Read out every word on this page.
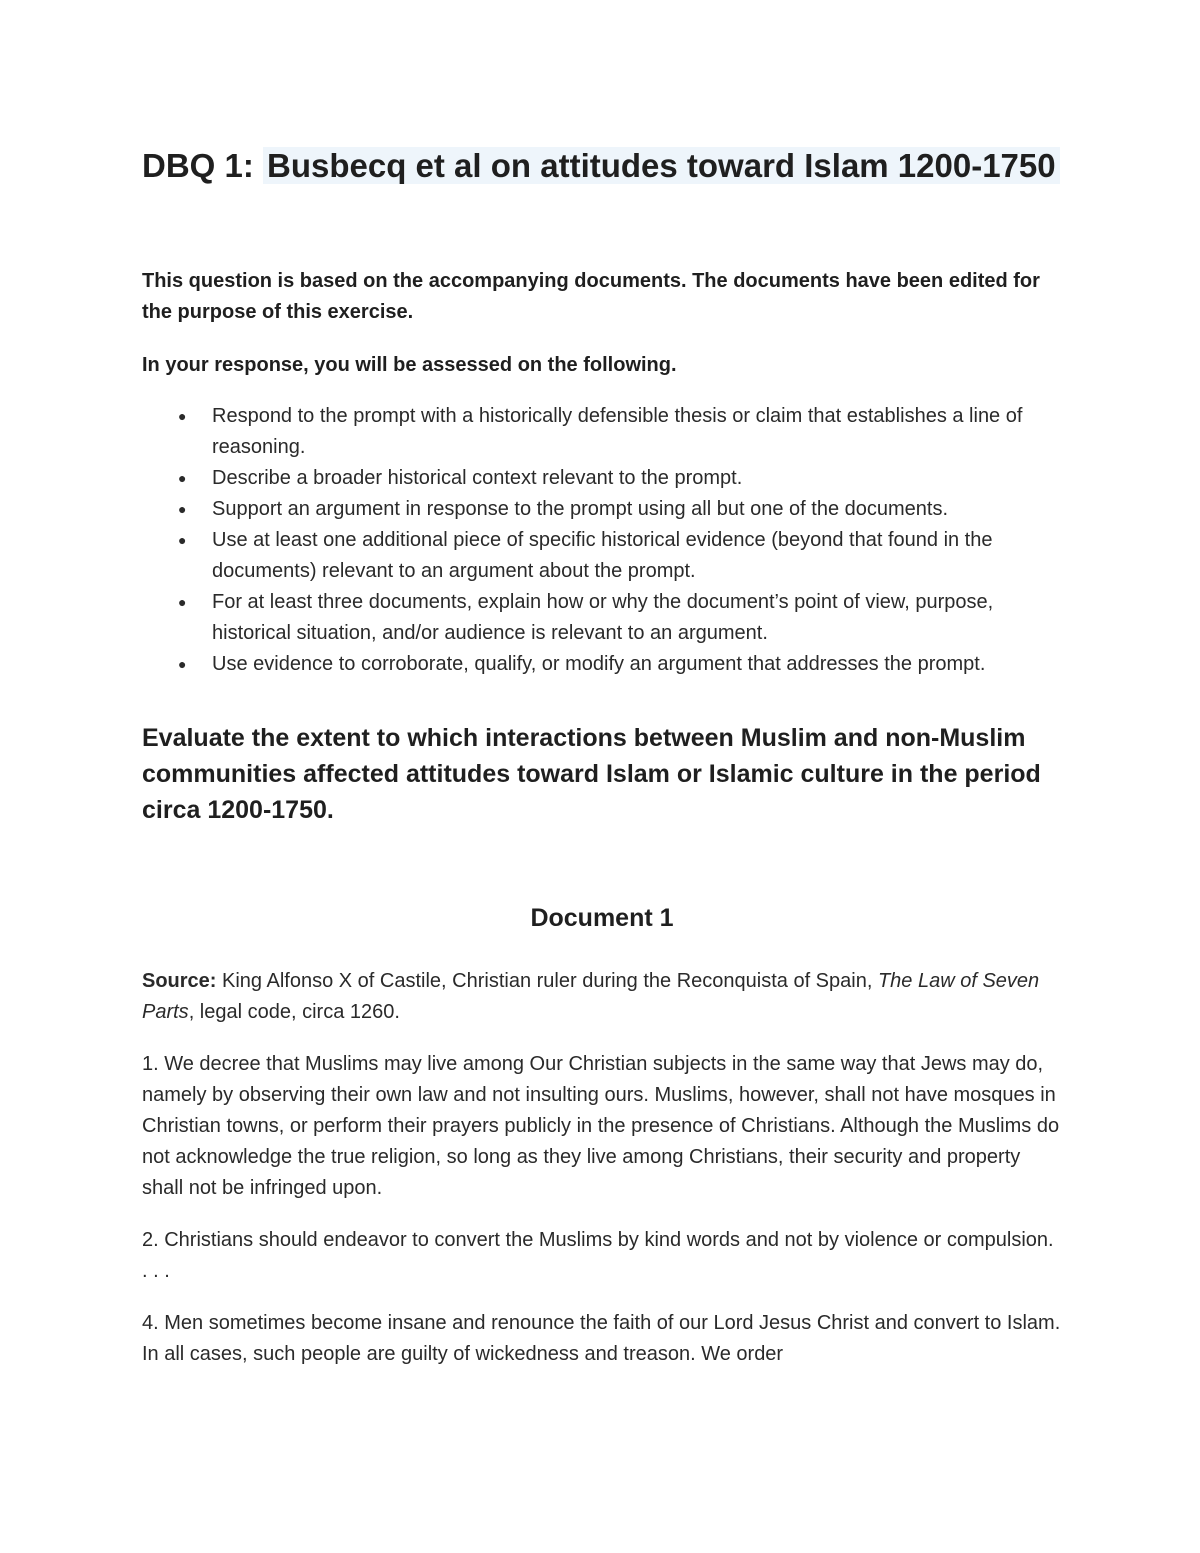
DBQ 1: Busbecq et al on attitudes toward Islam 1200-1750
This question is based on the accompanying documents. The documents have been edited for the purpose of this exercise.
In your response, you will be assessed on the following.
● Respond to the prompt with a historically defensible thesis or claim that establishes a line of reasoning.
● Describe a broader historical context relevant to the prompt.
● Support an argument in response to the prompt using all but one of the documents.
● Use at least one additional piece of specific historical evidence (beyond that found in the documents) relevant to an argument about the prompt.
● For at least three documents, explain how or why the document’s point of view, purpose, historical situation, and/or audience is relevant to an argument.
● Use evidence to corroborate, qualify, or modify an argument that addresses the prompt.
Evaluate the extent to which interactions between Muslim and non-Muslim communities affected attitudes toward Islam or Islamic culture in the period circa 1200-1750.
Document 1
Source: King Alfonso X of Castile, Christian ruler during the Reconquista of Spain, The Law of Seven Parts, legal code, circa 1260.
1. We decree that Muslims may live among Our Christian subjects in the same way that Jews may do, namely by observing their own law and not insulting ours. Muslims, however, shall not have mosques in Christian towns, or perform their prayers publicly in the presence of Christians. Although the Muslims do not acknowledge the true religion, so long as they live among Christians, their security and property shall not be infringed upon.
2. Christians should endeavor to convert the Muslims by kind words and not by violence or compulsion. . . .
4. Men sometimes become insane and renounce the faith of our Lord Jesus Christ and convert to Islam. In all cases, such people are guilty of wickedness and treason. We order
